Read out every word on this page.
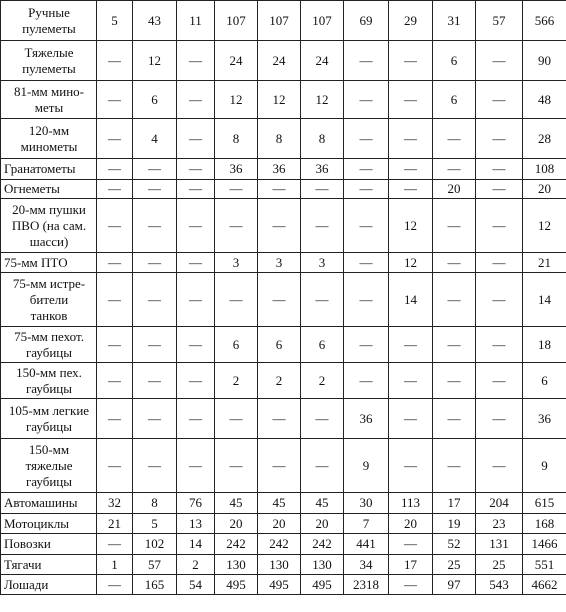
Ручные
пулеметы	5	43	11	107	107	107	69	29	31	57	566
Тяжелые
пулеметы	—	12	—	24	24	24	—	—	6	—	90
81-мм мино-
меты	—	6	—	12	12	12	—	—	6	—	48
120-мм
минометы	—	4	—	8	8	8	—	—	—	—	28
Гранатометы	—	—	—	36	36	36	—	—	—	—	108
Огнеметы	—	—	—	—	—	—	—	—	20	—	20
20-мм пушки
ПВО (на сам.
шасси)	—	—	—	—	—	—	—	12	—	—	12
75-мм ПТО	—	—	—	3	3	3	—	12	—	—	21
75-мм истре-
бители
танков	—	—	—	—	—	—	—	14	—	—	14
75-мм пехот.
гаубицы	—	—	—	6	6	6	—	—	—	—	18
150-мм пех.
гаубицы	—	—	—	2	2	2	—	—	—	—	6
105-мм легкие
гаубицы	—	—	—	—	—	—	36	—	—	—	36
150-мм
тяжелые
гаубицы	—	—	—	—	—	—	9	—	—	—	9
Автомашины	32	8	76	45	45	45	30	113	17	204	615
Мотоциклы	21	5	13	20	20	20	7	20	19	23	168
Повозки	—	102	14	242	242	242	441	—	52	131	1466
Тягачи	1	57	2	130	130	130	34	17	25	25	551
Лошади	—	165	54	495	495	495	2318	—	97	543	4662
